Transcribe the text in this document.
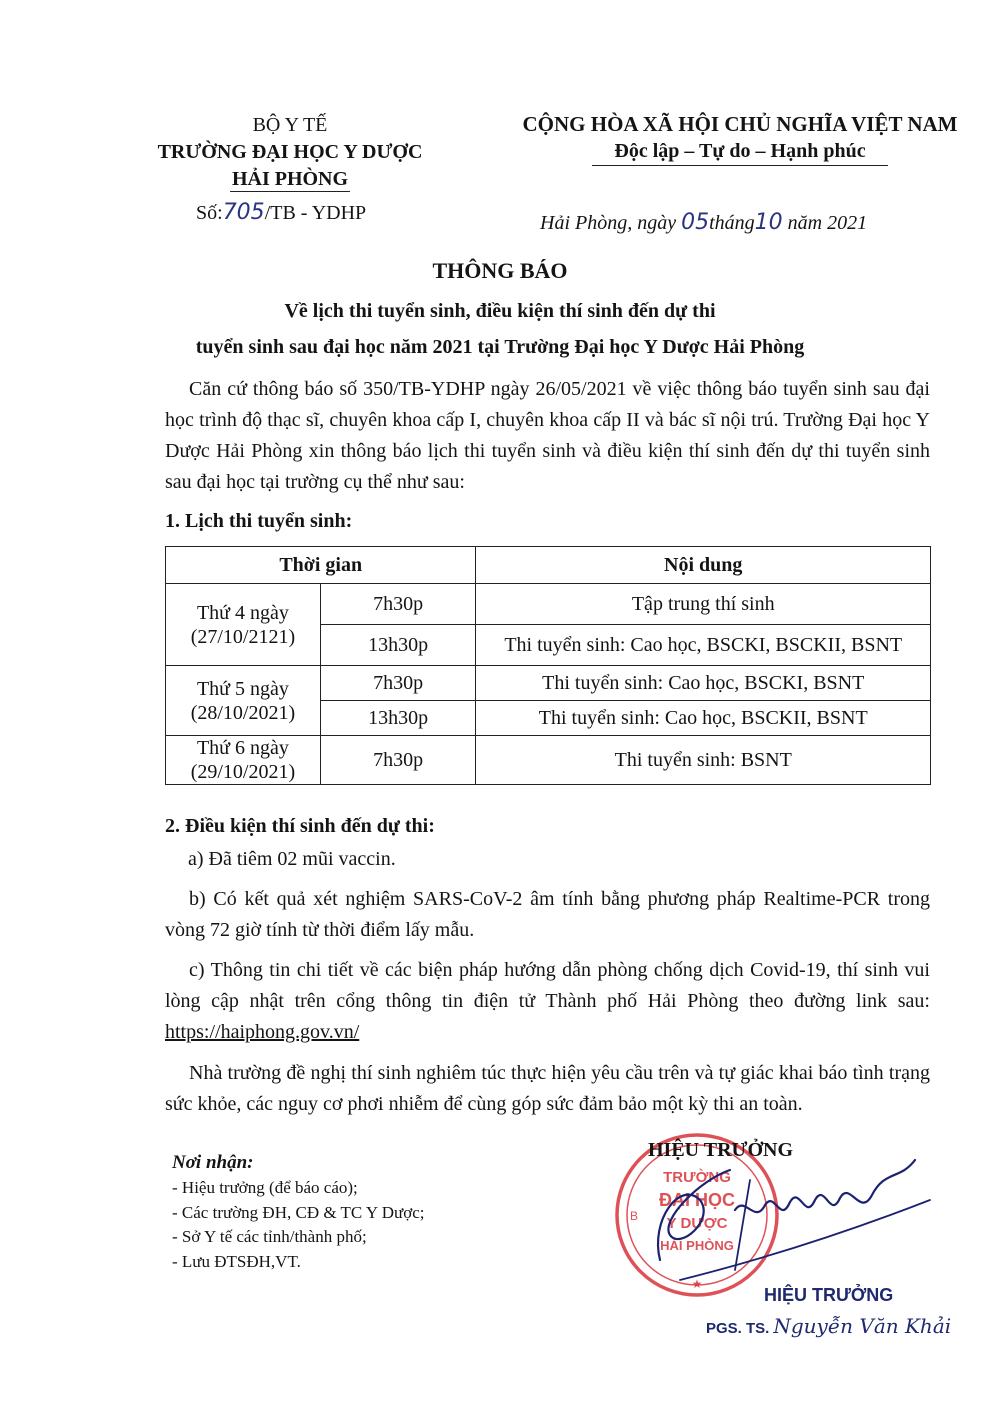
BỘ Y TẾ
TRƯỜNG ĐẠI HỌC Y DƯỢC
HẢI PHÒNG
Số:705/TB - YDHP
CỘNG HÒA XÃ HỘI CHỦ NGHĨA VIỆT NAM
Độc lập – Tự do – Hạnh phúc
Hải Phòng, ngày 05tháng10 năm 2021
THÔNG BÁO
Về lịch thi tuyển sinh, điều kiện thí sinh đến dự thi
tuyển sinh sau đại học năm 2021 tại Trường Đại học Y Dược Hải Phòng
Căn cứ thông báo số 350/TB-YDHP ngày 26/05/2021 về việc thông báo tuyển sinh sau đại học trình độ thạc sĩ, chuyên khoa cấp I, chuyên khoa cấp II và bác sĩ nội trú. Trường Đại học Y Dược Hải Phòng xin thông báo lịch thi tuyển sinh và điều kiện thí sinh đến dự thi tuyển sinh sau đại học tại trường cụ thể như sau:
1. Lịch thi tuyển sinh:
Thời gian		Nội dung

Thứ 4 ngày
(27/10/2121)	7h30p	Tập trung thí sinh
	13h30p	Thi tuyển sinh: Cao học, BSCKI, BSCKII, BSNT

Thứ 5 ngày
(28/10/2021)	7h30p	Thi tuyển sinh: Cao học, BSCKI, BSNT
	13h30p	Thi tuyển sinh: Cao học, BSCKII, BSNT

Thứ 6 ngày
(29/10/2021)	7h30p	Thi tuyển sinh: BSNT
2. Điều kiện thí sinh đến dự thi:
a) Đã tiêm 02 mũi vaccin.
b) Có kết quả xét nghiệm SARS-CoV-2 âm tính bằng phương pháp Realtime-PCR trong vòng 72 giờ tính từ thời điểm lấy mẫu.
c) Thông tin chi tiết về các biện pháp hướng dẫn phòng chống dịch Covid-19, thí sinh vui lòng cập nhật trên cổng thông tin điện tử Thành phố Hải Phòng theo đường link sau: https://haiphong.gov.vn/
Nhà trường đề nghị thí sinh nghiêm túc thực hiện yêu cầu trên và tự giác khai báo tình trạng sức khỏe, các nguy cơ phơi nhiễm để cùng góp sức đảm bảo một kỳ thi an toàn.
Nơi nhận:
- Hiệu trưởng (để báo cáo);
- Các trường ĐH, CĐ & TC Y Dược;
- Sở Y tế các tỉnh/thành phố;
- Lưu ĐTSĐH,VT.
TRƯỜNG
ĐẠI HỌC
Y DƯỢC
HẢI PHÒNG
B
★
HIỆU TRƯỞNG
HIỆU TRƯỞNG
PGS. TS. Nguyễn Văn Khải
